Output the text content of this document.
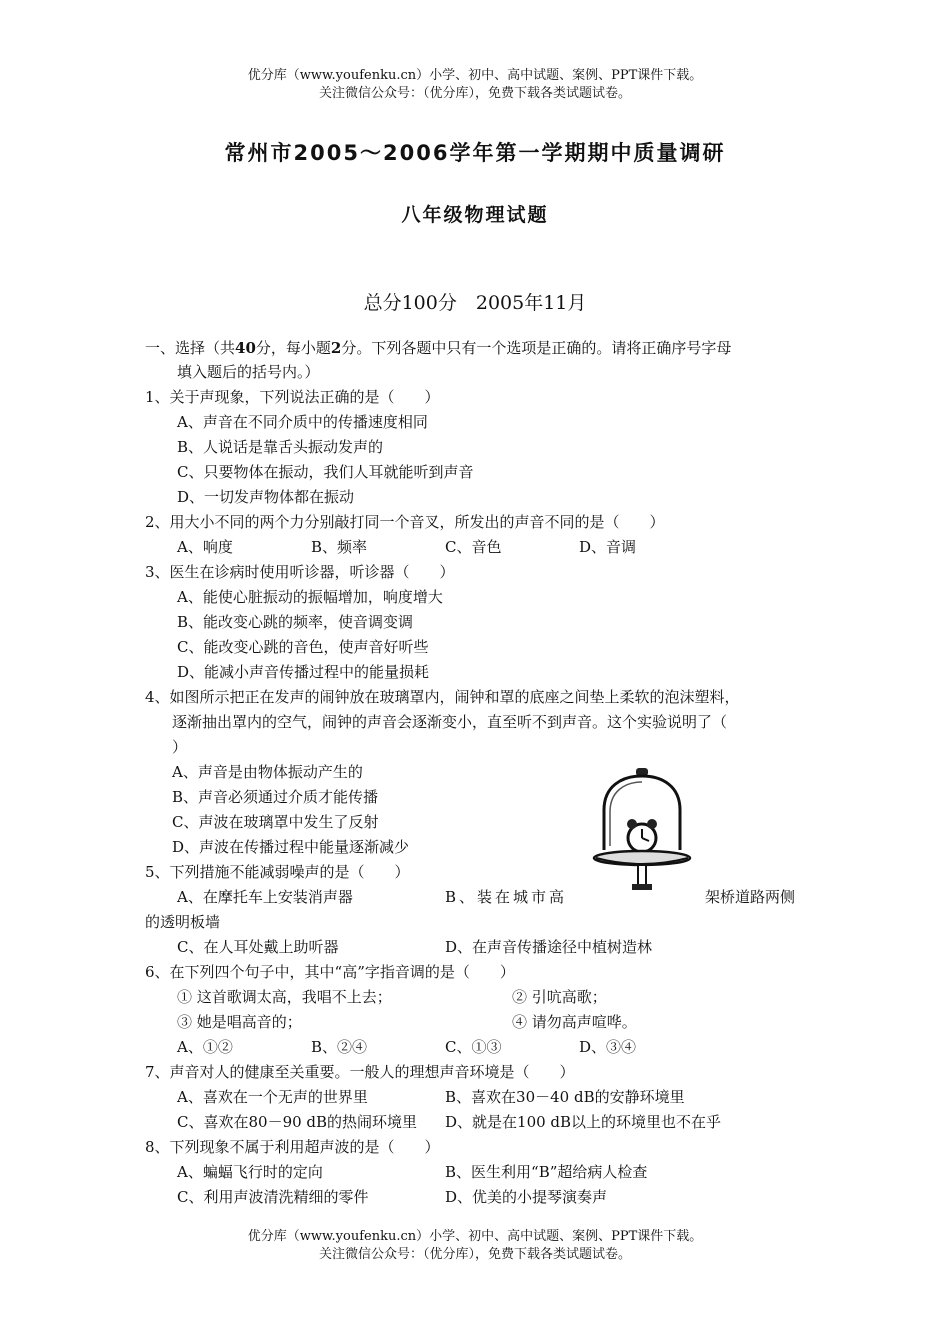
优分库（www.youfenku.cn）小学、初中、高中试题、案例、PPT课件下载。
关注微信公众号：（优分库），免费下载各类试题试卷。
常州市2005～2006学年第一学期期中质量调研
八年级物理试题
总分100分　2005年11月
一、选择（共40分，每小题2分。下列各题中只有一个选项是正确的。请将正确序号字母
填入题后的括号内。）
1、关于声现象，下列说法正确的是（　　）
A、声音在不同介质中的传播速度相同
B、人说话是靠舌头振动发声的
C、只要物体在振动，我们人耳就能听到声音
D、一切发声物体都在振动
2、用大小不同的两个力分别敲打同一个音叉，所发出的声音不同的是（　　）
A、响度	B、频率	C、音色	D、音调
3、医生在诊病时使用听诊器，听诊器（　　）
A、能使心脏振动的振幅增加，响度增大
B、能改变心跳的频率，使音调变调
C、能改变心跳的音色，使声音好听些
D、能减小声音传播过程中的能量损耗
4、如图所示把正在发声的闹钟放在玻璃罩内，闹钟和罩的底座之间垫上柔软的泡沫塑料，
逐渐抽出罩内的空气，闹钟的声音会逐渐变小，直至听不到声音。这个实验说明了（
）
A、声音是由物体振动产生的
B、声音必须通过介质才能传播
C、声波在玻璃罩中发生了反射
D、声波在传播过程中能量逐渐减少
5、下列措施不能减弱噪声的是（　　）
A、在摩托车上安装消声器	B、装在城市高	架桥道路两侧
的透明板墙
C、在人耳处戴上助听器	D、在声音传播途径中植树造林
6、在下列四个句子中，其中“高”字指音调的是（　　）
① 这首歌调太高，我唱不上去；	② 引吭高歌；
③ 她是唱高音的；	④ 请勿高声喧哗。
A、①②	B、②④	C、①③	D、③④
7、声音对人的健康至关重要。一般人的理想声音环境是（　　）
A、喜欢在一个无声的世界里	B、喜欢在30－40 dB的安静环境里
C、喜欢在80－90 dB的热闹环境里 D、就是在100 dB以上的环境里也不在乎
8、下列现象不属于利用超声波的是（　　）
A、蝙蝠飞行时的定向	B、医生利用“B”超给病人检查
C、利用声波清洗精细的零件	D、优美的小提琴演奏声
优分库（www.youfenku.cn）小学、初中、高中试题、案例、PPT课件下载。
关注微信公众号：（优分库），免费下载各类试题试卷。
